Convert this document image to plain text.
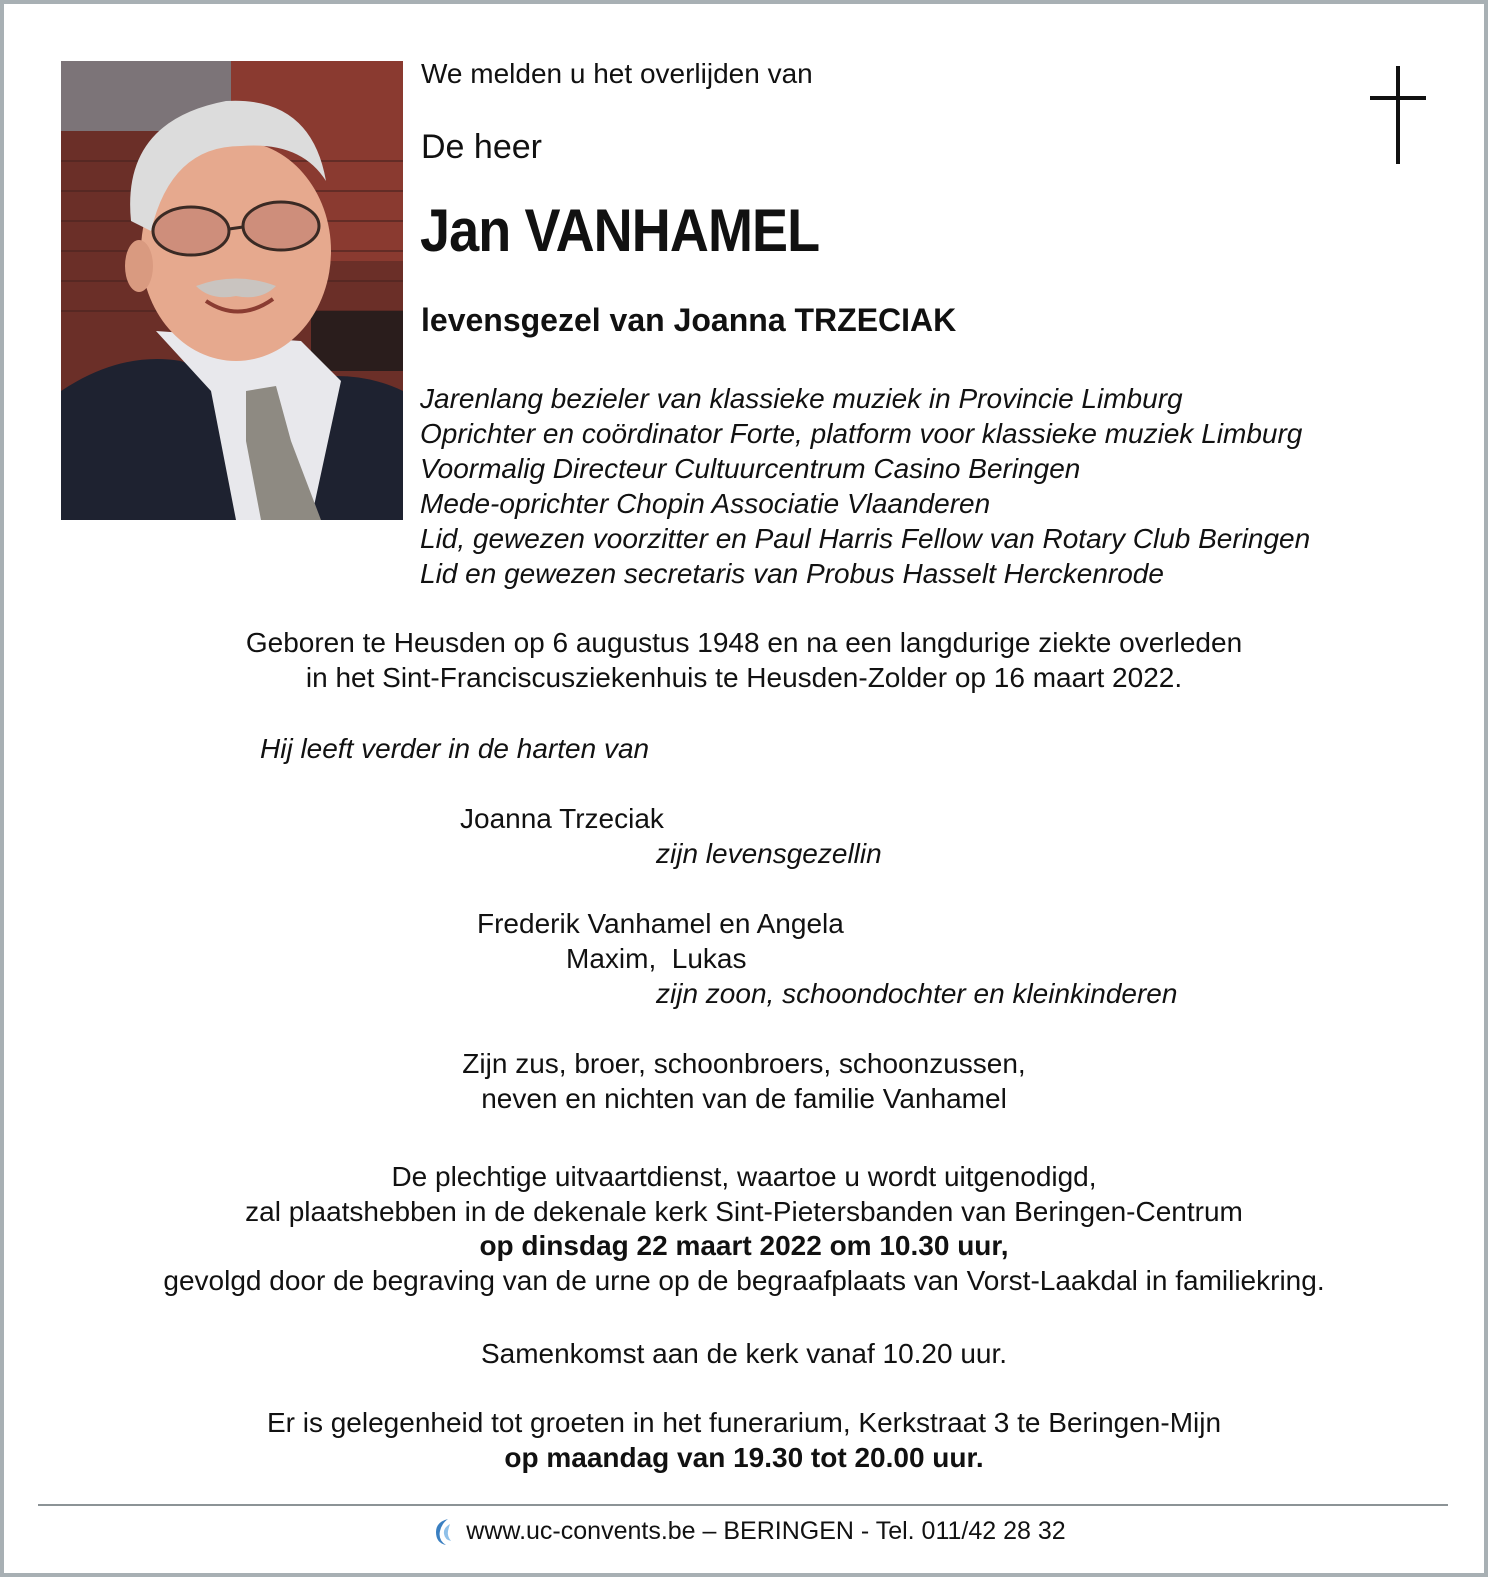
We melden u het overlijden van
De heer
Jan VANHAMEL
levensgezel van Joanna TRZECIAK
Jarenlang bezieler van klassieke muziek in Provincie Limburg
Oprichter en coördinator Forte, platform voor klassieke muziek Limburg
Voormalig Directeur Cultuurcentrum Casino Beringen
Mede-oprichter Chopin Associatie Vlaanderen
Lid, gewezen voorzitter en Paul Harris Fellow van Rotary Club Beringen
Lid en gewezen secretaris van Probus Hasselt Herckenrode
Geboren te Heusden op 6 augustus 1948 en na een langdurige ziekte overleden
in het Sint-Franciscusziekenhuis te Heusden-Zolder op 16 maart 2022.
Hij leeft verder in de harten van
Joanna Trzeciak
zijn levensgezellin
Frederik Vanhamel en Angela
Maxim,  Lukas
zijn zoon, schoondochter en kleinkinderen
Zijn zus, broer, schoonbroers, schoonzussen,
neven en nichten van de familie Vanhamel
De plechtige uitvaartdienst, waartoe u wordt uitgenodigd,
zal plaatshebben in de dekenale kerk Sint-Pietersbanden van Beringen-Centrum
op dinsdag 22 maart 2022 om 10.30 uur,
gevolgd door de begraving van de urne op de begraafplaats van Vorst-Laakdal in familiekring.
Samenkomst aan de kerk vanaf 10.20 uur.
Er is gelegenheid tot groeten in het funerarium, Kerkstraat 3 te Beringen-Mijn
op maandag van 19.30 tot 20.00 uur.
www.uc-convents.be – BERINGEN - Tel. 011/42 28 32
